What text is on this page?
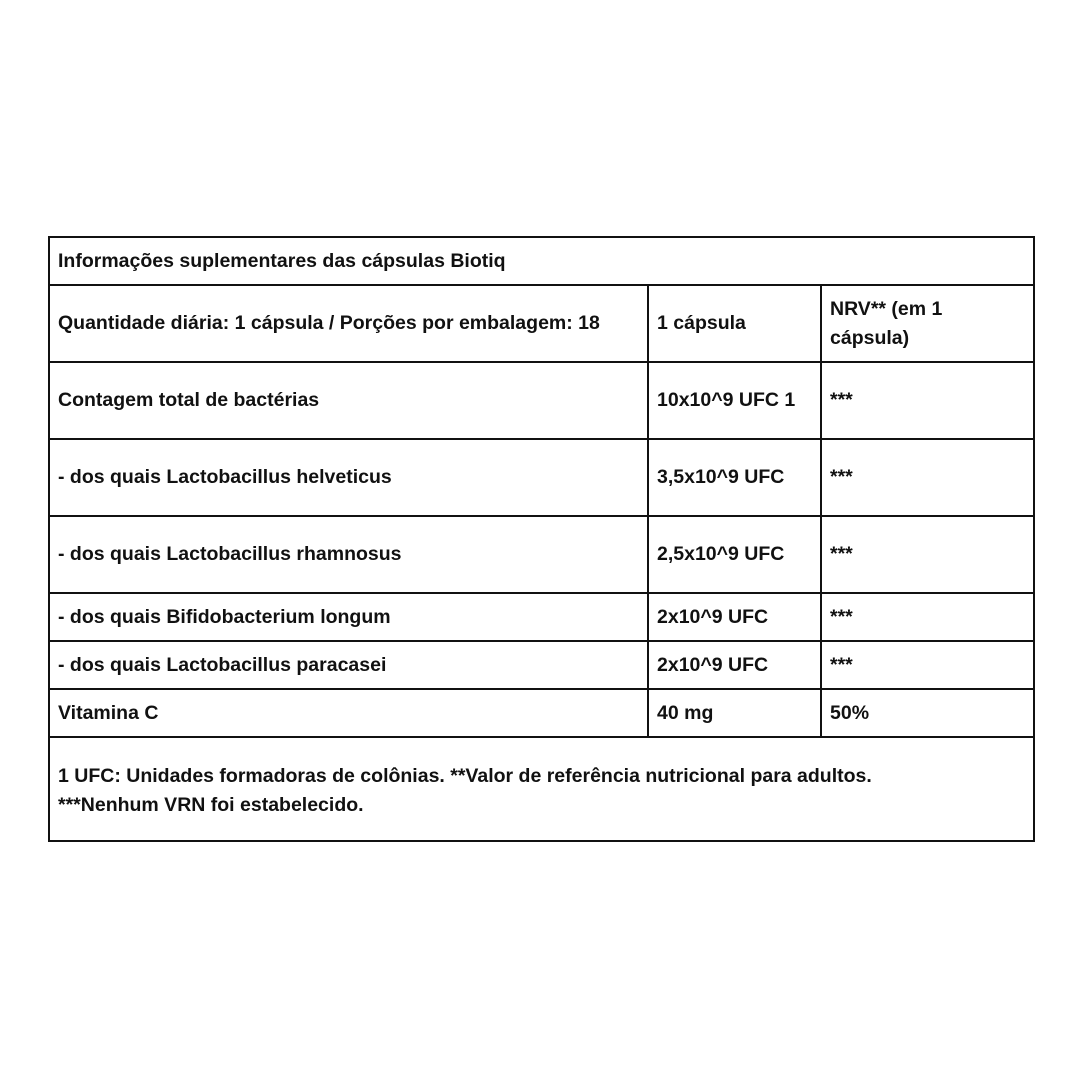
Informações suplementares das cápsulas Biotiq		
Quantidade diária: 1 cápsula / Porções por embalagem: 18	1 cápsula	NRV** (em 1 cápsula)
Contagem total de bactérias	10x10^9 UFC 1	***
- dos quais Lactobacillus helveticus	3,5x10^9 UFC	***
- dos quais Lactobacillus rhamnosus	2,5x10^9 UFC	***
- dos quais Bifidobacterium longum	2x10^9 UFC	***
- dos quais Lactobacillus paracasei	2x10^9 UFC	***
Vitamina C	40 mg	50%

1 UFC: Unidades formadoras de colônias. **Valor de referência nutricional para adultos.
***Nenhum VRN foi estabelecido.		
